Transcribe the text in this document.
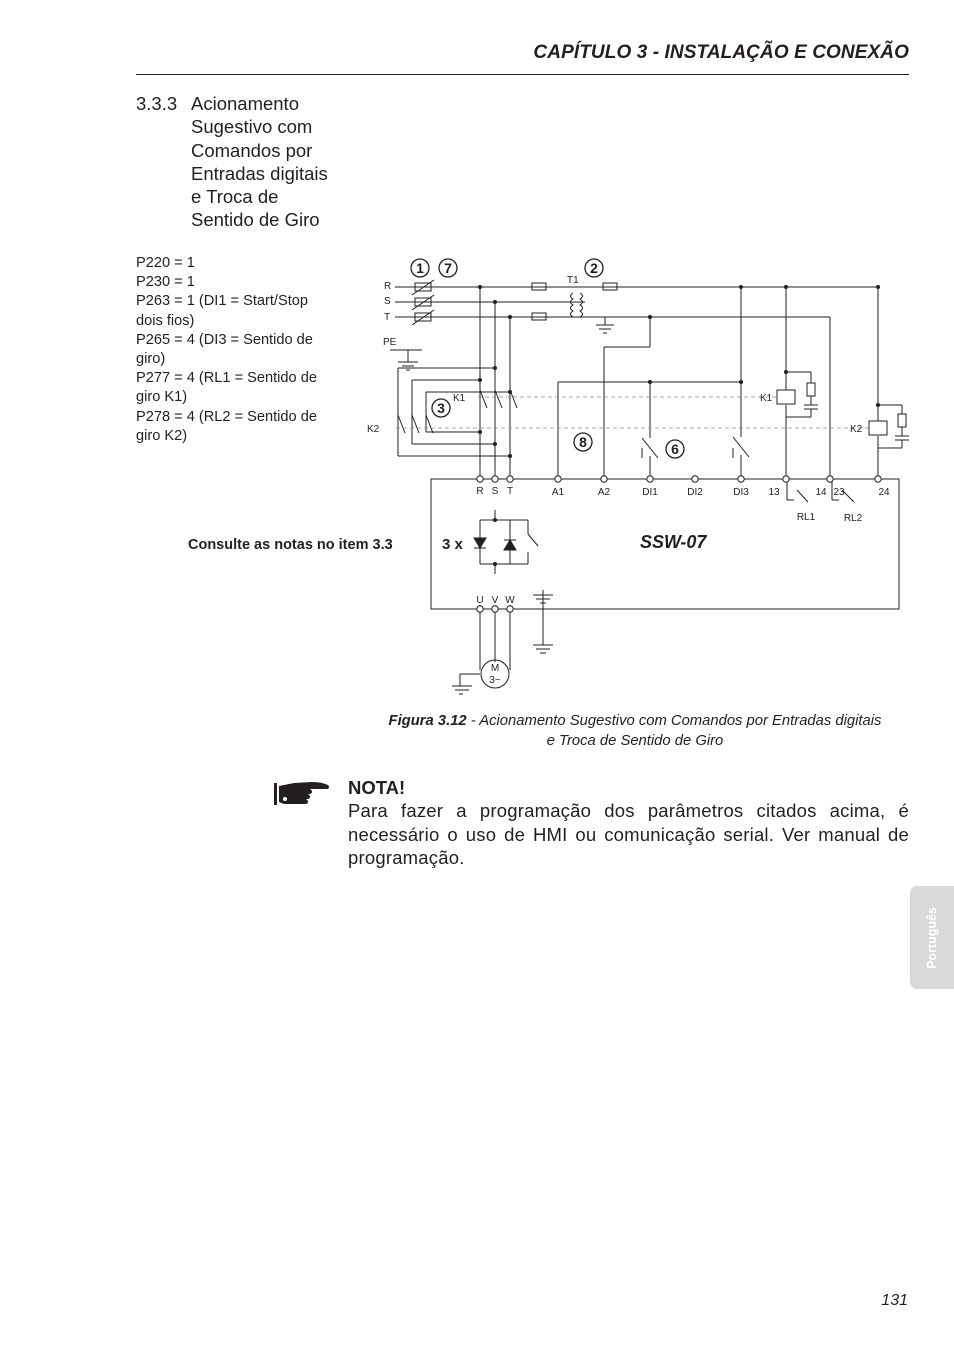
CAPÍTULO 3 - INSTALAÇÃO E CONEXÃO
3.3.3 Acionamento
Sugestivo com
Comandos por
Entradas digitais
e Troca de
Sentido de Giro
P220 = 1
P230 = 1
P263 = 1 (DI1 = Start/Stop
dois fios)
P265 = 4 (DI3 = Sentido de
giro)
P277 = 4 (RL1 = Sentido de
giro K1)
P278 = 4 (RL2 = Sentido de
giro K2)
Consulte as notas no item 3.3
1 7	2
3
8	6
R
S
T
PE
T1
K1	K1
K2	K2
R S T	A1	A2	DI1	DI2	DI3 13	14 23	24
RL1	RL2
U V W
M
3~
3 x	SSW-07
Figura 3.12 - Acionamento Sugestivo com Comandos por Entradas digitais
e Troca de Sentido de Giro
NOTA!
Para fazer a programação dos parâmetros citados acima, é necessário o uso de HMI ou comunicação serial. Ver manual de programação.
Português
131
